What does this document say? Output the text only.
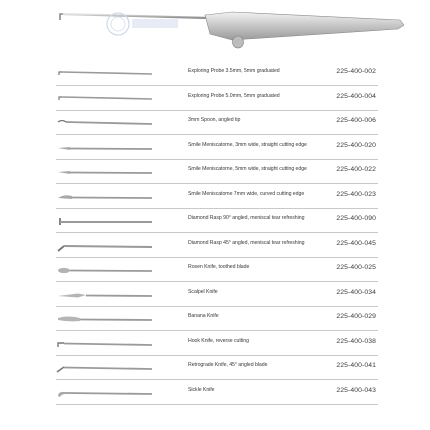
Exploring Probe 3.5mm, 5mm graduated	225-400-002
Exploring Probe 5.0mm, 5mm graduated	225-400-004
3mm Spoon, angled tip	225-400-006
Smile Meniscatome, 3mm wide, straight cutting edge	225-400-020
Smile Meniscatome, 5mm wide, straight cutting edge	225-400-022
Smile Meniscatome 7mm wide, curved cutting edge	225-400-023
Diamond Rasp 90° angled, meniscal tear refreshing	225-400-090
Diamond Rasp 45° angled, meniscal tear refreshing	225-400-045
Rosen Knife, toothed blade	225-400-025
Scalpel Knife	225-400-034
Banana Knife	225-400-029
Hook Knife, reverse cutting	225-400-038
Retrograde Knife, 45° angled blade	225-400-041
Sickle Knife	225-400-043
